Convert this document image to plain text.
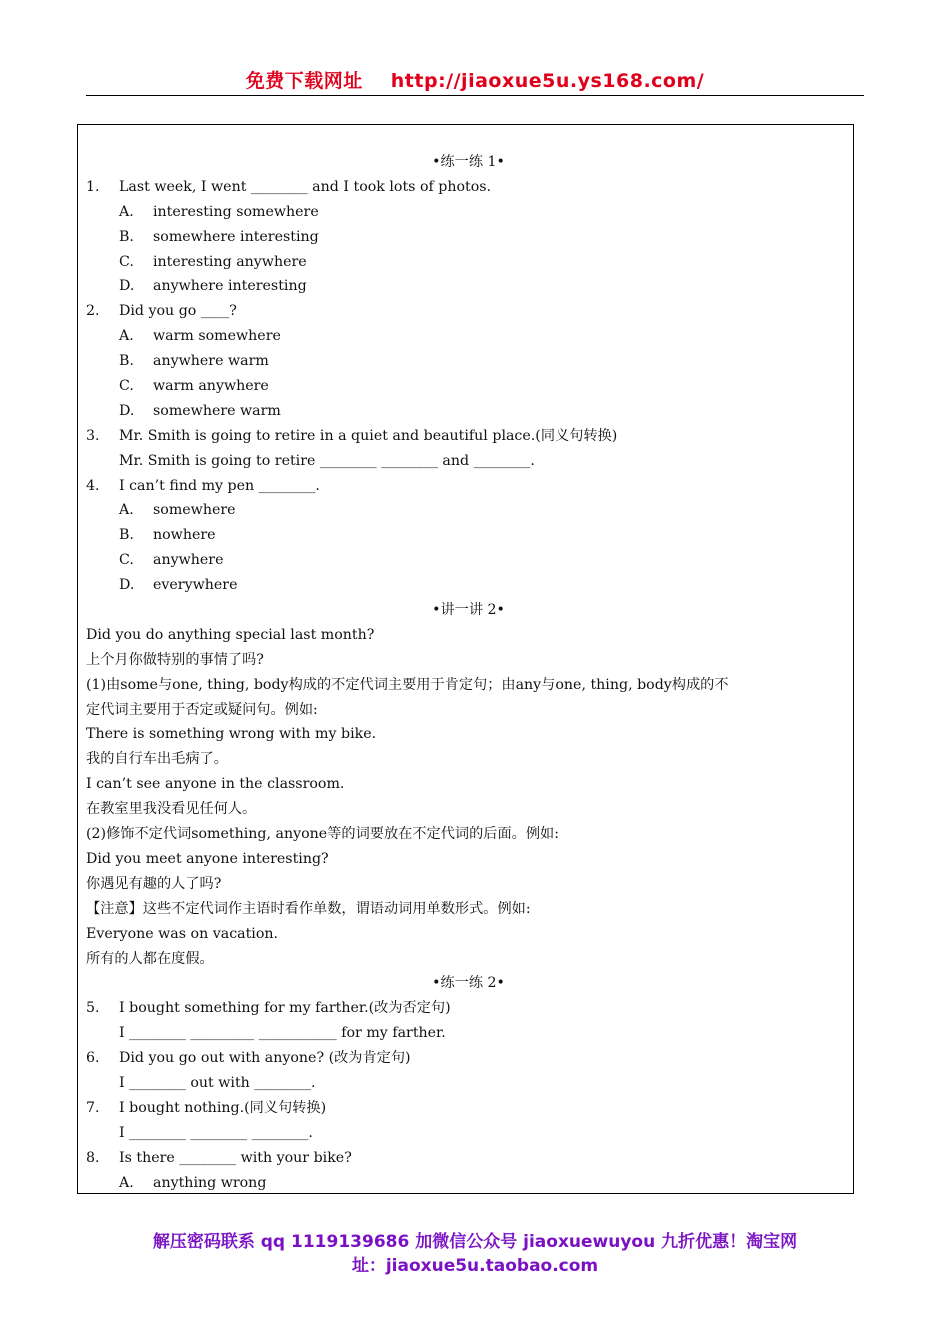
免费下载网址 http://jiaoxue5u.ys168.com/
•练一练 1•
1. Last week, I went ________ and I took lots of photos.
A. interesting somewhere
B. somewhere interesting
C. interesting anywhere
D. anywhere interesting
2. Did you go ____?
A. warm somewhere
B. anywhere warm
C. warm anywhere
D. somewhere warm
3. Mr. Smith is going to retire in a quiet and beautiful place.(同义句转换)
Mr. Smith is going to retire ________ ________ and ________.
4. I can’t find my pen ________.
A. somewhere
B. nowhere
C. anywhere
D. everywhere
•讲一讲 2•
Did you do anything special last month?
上个月你做特别的事情了吗?
(1)由some与one, thing, body构成的不定代词主要用于肯定句；由any与one, thing, body构成的不
定代词主要用于否定或疑问句。例如:
There is something wrong with my bike.
我的自行车出毛病了。
I can’t see anyone in the classroom.
在教室里我没看见任何人。
(2)修饰不定代词something, anyone等的词要放在不定代词的后面。例如:
Did you meet anyone interesting?
你遇见有趣的人了吗?
【注意】这些不定代词作主语时看作单数，谓语动词用单数形式。例如:
Everyone was on vacation.
所有的人都在度假。
•练一练 2•
5. I bought something for my farther.(改为否定句)
I ________ _________ ___________ for my farther.
6. Did you go out with anyone? (改为肯定句)
I ________ out with ________.
7. I bought nothing.(同义句转换)
I ________ ________ ________.
8. Is there ________ with your bike?
A. anything wrong
解压密码联系 qq 1119139686 加微信公众号 jiaoxuewuyou 九折优惠！淘宝网
址：jiaoxue5u.taobao.com
